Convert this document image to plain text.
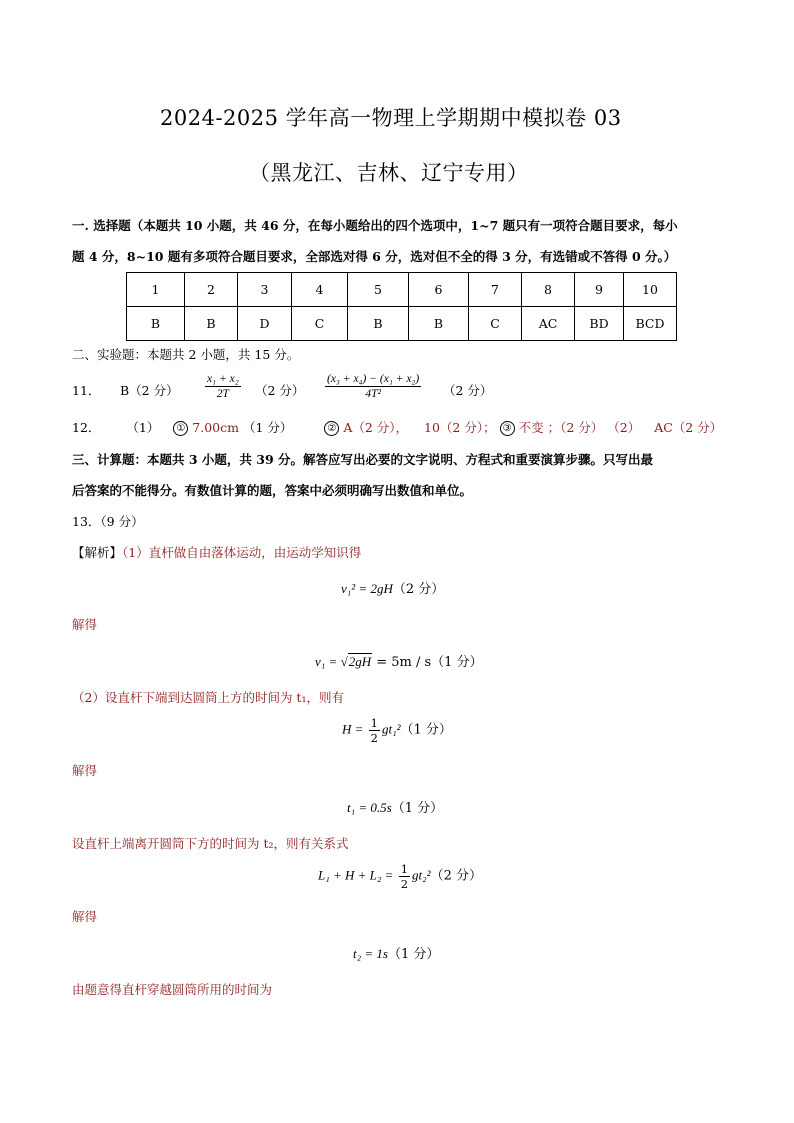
2024-2025 学年高一物理上学期期中模拟卷 03
（黑龙江、吉林、辽宁专用）
一. 选择题（本题共 10 小题，共 46 分，在每小题给出的四个选项中，1~7 题只有一项符合题目要求，每小
题 4 分，8~10 题有多项符合题目要求，全部选对得 6 分，选对但不全的得 3 分，有选错或不答得 0 分。）
1	2	3	4	5	6	7	8	9	10
B	B	D	C	B	B	C	AC	BD	BCD
二、实验题：本题共 2 小题，共 15 分。
11． B（2 分） $\frac{\text{x₁ + x₂}}{2T} (2$ 分） $\frac{\text{(x₃ + x₄) − (x₁ + x₂)}}{\text{4T²}} (2$ 分）
12． （1） ① 7.00cm （1 分）	② A（2 分）， 10（2 分）； ③ 不变 ；（2 分） （2） AC（2 分）
三、计算题：本题共 3 小题，共 39 分。解答应写出必要的文字说明、方程式和重要演算步骤。只写出最
后答案的不能得分。有数值计算的题，答案中必须明确写出数值和单位。
13．（9 分）
【解析】（1）直杆做自由落体运动，由运动学知识得
v₁² = 2gH（2 分）
解得
v₁ = √2gH = 5m / s（1 分）
（2）设直杆下端到达圆筒上方的时间为 t₁，则有
$H = \frac{1}{2} gt_1^2(1$ 分）
解得
t₁ = 0.5s（1 分）
设直杆上端离开圆筒下方的时间为 t₂，则有关系式
$L_1 + H + L_2 = \frac{1}{2} gt_2^2(2$ 分）
解得
t₂ = 1s（1 分）
由题意得直杆穿越圆筒所用的时间为
